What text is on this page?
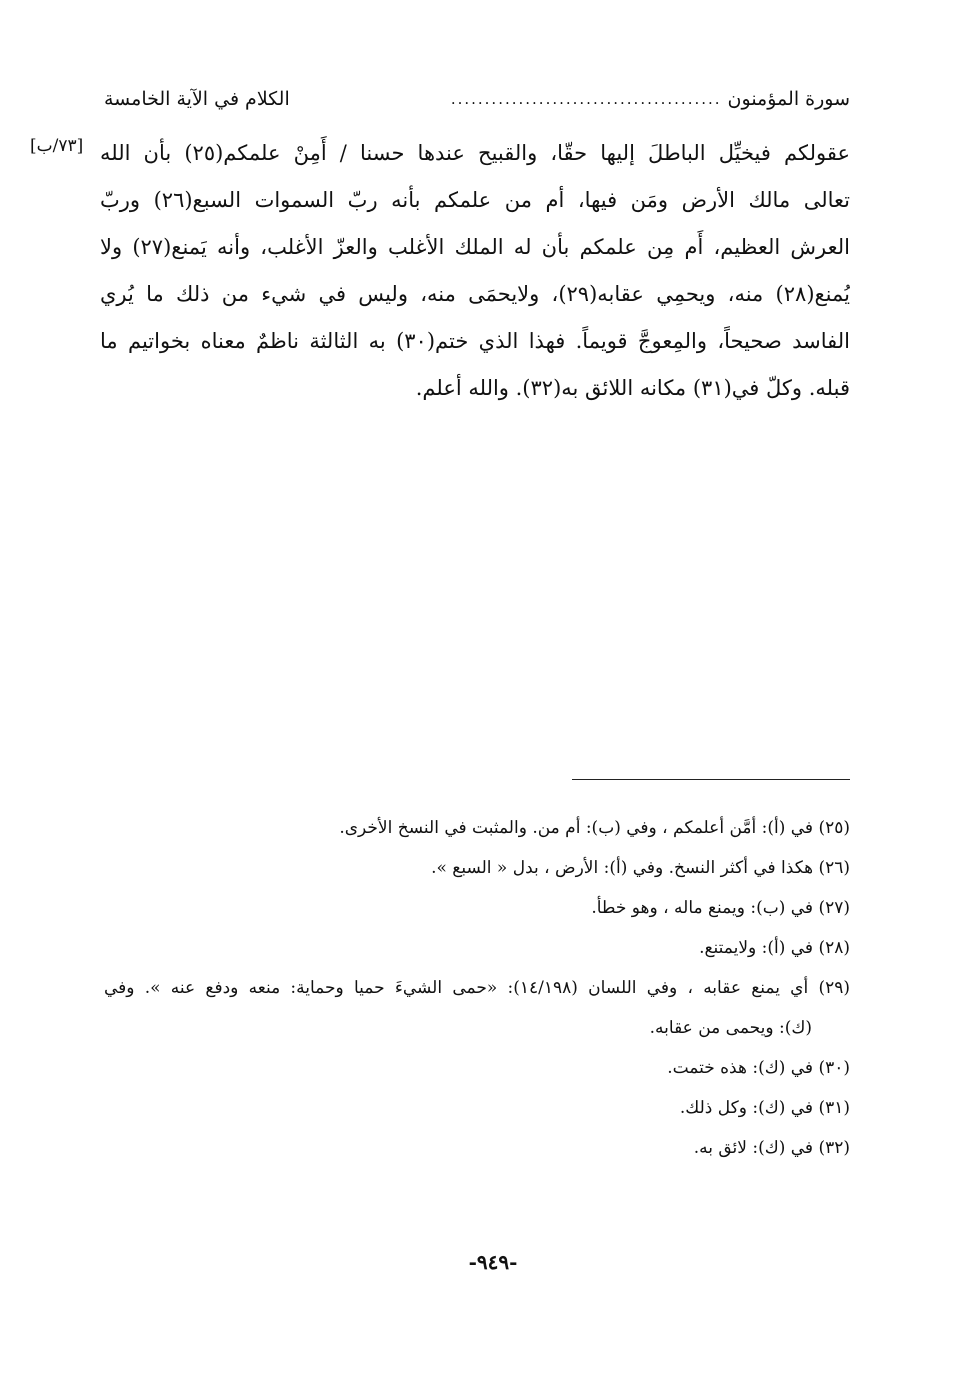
سورة المؤمنون
........................................
الكلام في الآية الخامسة
[٧٣/ب] عقولكم فيخيِّل الباطلَ إليها حقّا، والقبيح عندها حسنا / أَمِنْ علمكم(٢٥) بأن الله
تعالى مالك الأرض ومَن فيها، أم من علمكم بأنه ربّ السموات السبع(٢٦) وربّ
العرش العظيم، أَم مِن علمكم بأن له الملك الأغلب والعزّ الأغلب، وأنه يَمنع(٢٧) ولا
يُمنع(٢٨) منه، ويحمِي عقابه(٢٩)، ولايحمَى منه، وليس في شيء من ذلك ما يُري
الفاسد صحيحاً، والمِعوجَّ قويماً. فهذا الذي ختم(٣٠) به الثالثة ناظمٌ معناه بخواتيم ما
قبله. وكلّ في(٣١) مكانه اللائق به(٣٢). والله أعلم.
(٢٥) في (أ): أمَّن أعلمكم ، وفي (ب): أم من. والمثبت في النسخ الأخرى.
(٢٦) هكذا في أكثر النسخ. وفي (أ): الأرض ، بدل « السبع ».
(٢٧) في (ب): ويمنع ماله ، وهو خطأ.
(٢٨) في (أ): ولايمتنع.
(٢٩) أي يمنع عقابه ، وفي اللسان (١٤/١٩٨): «حمى الشيءَ حميا وحماية: منعه ودفع عنه ». وفي
(ك): ويحمى من عقابه.
(٣٠) في (ك): هذه ختمت.
(٣١) في (ك): وكل ذلك.
(٣٢) في (ك): لائق به.
-٩٤٩-
